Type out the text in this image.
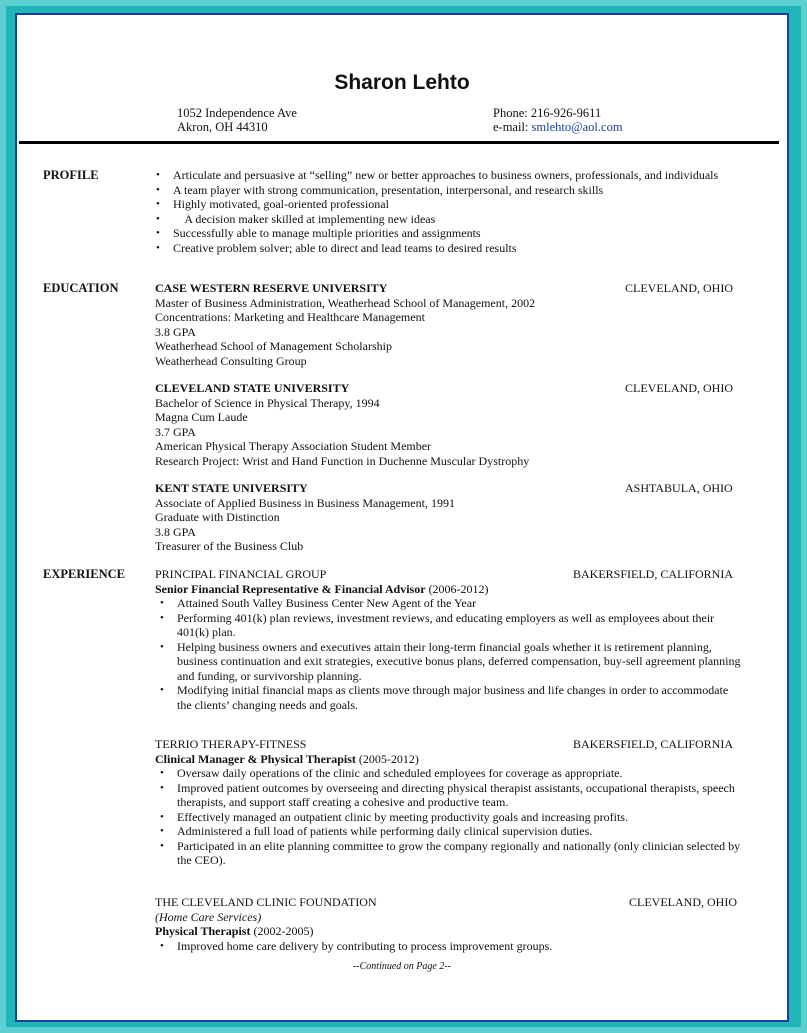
Sharon Lehto
1052 Independence Ave
Akron, OH 44310
Phone: 216-926-9611
e-mail: smlehto@aol.com
PROFILE
•	Articulate and persuasive at “selling” new or better approaches to business owners, professionals, and individuals
• A team player with strong communication, presentation, interpersonal, and research skills
• Highly motivated, goal-oriented professional
•     A decision maker skilled at implementing new ideas
• Successfully able to manage multiple priorities and assignments
• Creative problem solver; able to direct and lead teams to desired results
EDUCATION	CASE WESTERN RESERVE UNIVERSITY	CLEVELAND, OHIO
Master of Business Administration, Weatherhead School of Management, 2002
Concentrations: Marketing and Healthcare Management
3.8 GPA
Weatherhead School of Management Scholarship
Weatherhead Consulting Group
CLEVELAND STATE UNIVERSITY	CLEVELAND, OHIO
Bachelor of Science in Physical Therapy, 1994
Magna Cum Laude
3.7 GPA
American Physical Therapy Association Student Member
Research Project: Wrist and Hand Function in Duchenne Muscular Dystrophy
KENT STATE UNIVERSITY	ASHTABULA, OHIO
Associate of Applied Business in Business Management, 1991
Graduate with Distinction
3.8 GPA
Treasurer of the Business Club
EXPERIENCE	PRINCIPAL FINANCIAL GROUP	BAKERSFIELD, CALIFORNIA
Senior Financial Representative & Financial Advisor (2006-2012)
• Attained South Valley Business Center New Agent of the Year
• Performing 401(k) plan reviews, investment reviews, and educating employers as well as employees about their 401(k) plan.
• Helping business owners and executives attain their long-term financial goals whether it is retirement planning, business continuation and exit strategies, executive bonus plans, deferred compensation, buy-sell agreement planning and funding, or survivorship planning.
• Modifying initial financial maps as clients move through major business and life changes in order to accommodate the clients’ changing needs and goals.
TERRIO THERAPY-FITNESS	BAKERSFIELD, CALIFORNIA
Clinical Manager & Physical Therapist (2005-2012)
• Oversaw daily operations of the clinic and scheduled employees for coverage as appropriate.
• Improved patient outcomes by overseeing and directing physical therapist assistants, occupational therapists, speech therapists, and support staff creating a cohesive and productive team.
• Effectively managed an outpatient clinic by meeting productivity goals and increasing profits.
• Administered a full load of patients while performing daily clinical supervision duties.
• Participated in an elite planning committee to grow the company regionally and nationally (only clinician selected by the CEO).
THE CLEVELAND CLINIC FOUNDATION	CLEVELAND, OHIO
(Home Care Services)
Physical Therapist (2002-2005)
• Improved home care delivery by contributing to process improvement groups.
--Continued on Page 2--
